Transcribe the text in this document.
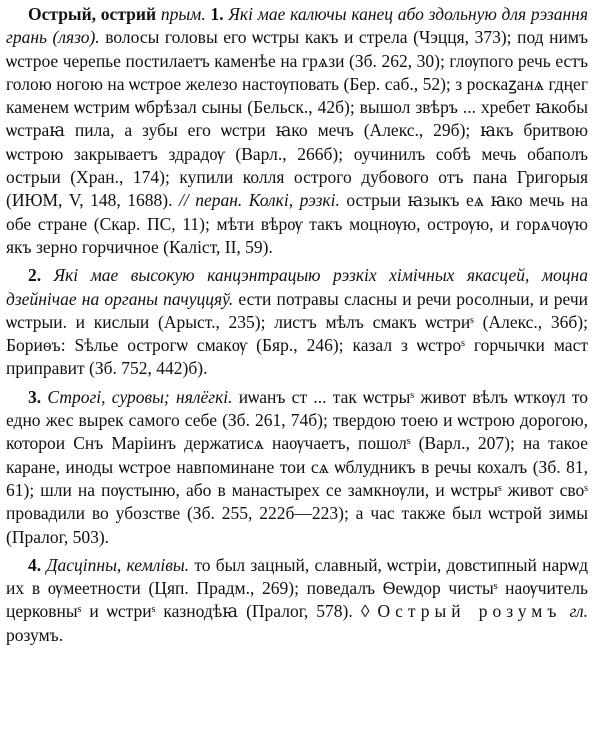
Острый, острий прым. 1. Які мае калючы канец або здольную для рэзання грань (лязо). волосы головы его ѡстры какъ и стрела (Чэцця, 373); под нимъ ѡстрое черепье постилаетъ каменѣе на грѧзи (Зб. 262, 30); глѹпого речь естъ голою ногою на ѡстрое железо настѹповать (Бер. саб., 52); з роскаꙁанѧ гдңег каменем ѡстрим ѡбрѣзал сыны (Бельск., 42б); вышол звѣръ ... хребет ꙗкобы ѡстраꙗ пила, а зубы его ѡстри ꙗко мечъ (Алекс., 29б); ꙗкъ бритвою ѡстрою закрываетъ здрадѹ (Варл., 266б); оучинилъ собѣ мечь обаполъ острыи (Хран., 174); купили колля острого дубового отъ пана Григорыя (ИЮМ, V, 148, 1688). // перан. Колкі, рэзкі. острыи ꙗзыкъ еѧ ꙗко мечь на обе стране (Скар. ПС, 11); мѣти вѣрѹ такъ моцнѹю, острѹю, и горѧчѹю якъ зерно горчичное (Каліст, II, 59).

2. Які мае высокую канцэнтрацыю рэзкіх хімічных якасцей, моцна дзейнічае на органы пачуццяў. ести потравы сласны и речи росолныи, и речи ѡстрыи. и кислыи (Арыст., 235); листъ мѣлъ смакъ ѡстриˢ (Алекс., 36б); Бориѳъ: Ѕѣлье острогѡ смакѹ (Бяр., 246); казал з ѡстроˢ горчычки маст приправит (Зб. 752, 442)б).

3. Строгі, суровы; нялёгкі. иѡанъ ст ... так ѡстрыˢ живот вѣлъ ѡткѹл то едно жес вырек самого себе (Зб. 261, 74б); твердою тоею и ѡстрою дорогою, которои Снъ Маріинъ держатисѧ наѹчаетъ, пошолˢ (Варл., 207); на такое каране, иноды ѡстрое навпоминане тои сѧ ѡблудникъ в речы кохалъ (Зб. 81, 61); шли на пѹстыню, або в манастырех се замкнѹли, и ѡстрыˢ живот своˢ провадили во убозстве (Зб. 255, 222б—223); а час также был ѡстрой зимы (Пралог, 503).

4. Дасціпны, кемлівы. то был зацный, славный, ѡстріи, довстипный нарѡд их в ѹмеетности (Цяп. Прадм., 269); поведалъ Ѳеѡдор чистыˢ наѹчитель церковныˢ и ѡстриˢ казнодѣꙗ (Пралог, 578). ◊ Острый розумъ гл. розумъ.
